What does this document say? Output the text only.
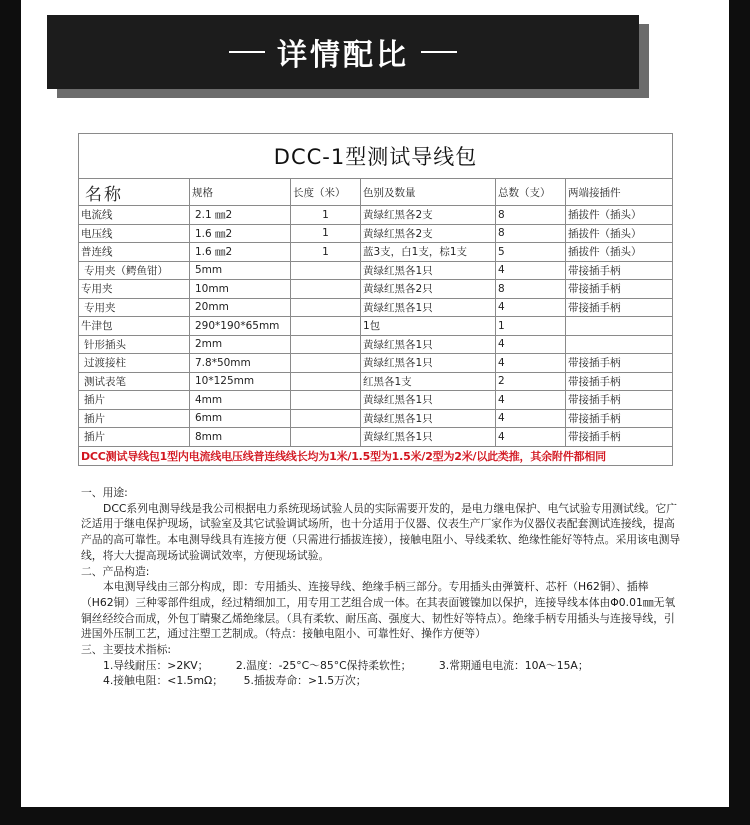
详情配比
DCC-1型测试导线包					
名称	规格	长度（米）	色别及数量	总数（支）	两端接插件
电流线	2.1 ㎜2	1	黄绿红黑各2支	8	插拔件（插头）
电压线	1.6 ㎜2	1	黄绿红黑各2支	8	插拔件（插头）
普连线	1.6 ㎜2	1	蓝3支，白1支，棕1支	5	插拔件（插头）
专用夹（鳄鱼钳）	5mm		黄绿红黑各1只	4	带接插手柄
专用夹	10mm		黄绿红黑各2只	8	带接插手柄
专用夹	20mm		黄绿红黑各1只	4	带接插手柄
牛津包	290*190*65mm		1包	1	
针形插头	2mm		黄绿红黑各1只	4	
过渡接柱	7.8*50mm		黄绿红黑各1只	4	带接插手柄
测试表笔	10*125mm		红黑各1支	2	带接插手柄
插片	4mm		黄绿红黑各1只	4	带接插手柄
插片	6mm		黄绿红黑各1只	4	带接插手柄
插片	8mm		黄绿红黑各1只	4	带接插手柄
DCC测试导线包1型内电流线电压线普连线线长均为1米/1.5型为1.5米/2型为2米/以此类推，其余附件都相同					

一、用途:

DCC系列电测导线是我公司根据电力系统现场试验人员的实际需要开发的，是电力继电保护、电气试验专用测试线。它广泛适用于继电保护现场，试验室及其它试验调试场所，也十分适用于仪器、仪表生产厂家作为仪器仪表配套测试连接线，提高产品的高可靠性。本电测导线具有连接方便（只需进行插拔连接），接触电阻小、导线柔软、绝缘性能好等特点。采用该电测导线，将大大提高现场试验调试效率，方便现场试验。

二、产品构造:

本电测导线由三部分构成，即：专用插头、连接导线、绝缘手柄三部分。专用插头由弹簧杆、芯杆（H62铜）、插棒（H62铜）三种零部件组成，经过精细加工，用专用工艺组合成一体。在其表面镀镍加以保护，连接导线本体由Φ0.01㎜无氧铜丝经绞合而成，外包丁睛聚乙烯绝缘层。（具有柔软、耐压高、强度大、韧性好等特点）。绝缘手柄专用插头与连接导线，引进国外压制工艺，通过注塑工艺制成。（特点：接触电阻小、可靠性好、操作方便等）

三、主要技术指标:

1.导线耐压：>2KV；        2.温度：-25°C～85°C保持柔软性；        3.常期通电电流：10A～15A；

4.接触电阻：<1.5mΩ；      5.插拔寿命：>1.5万次；
